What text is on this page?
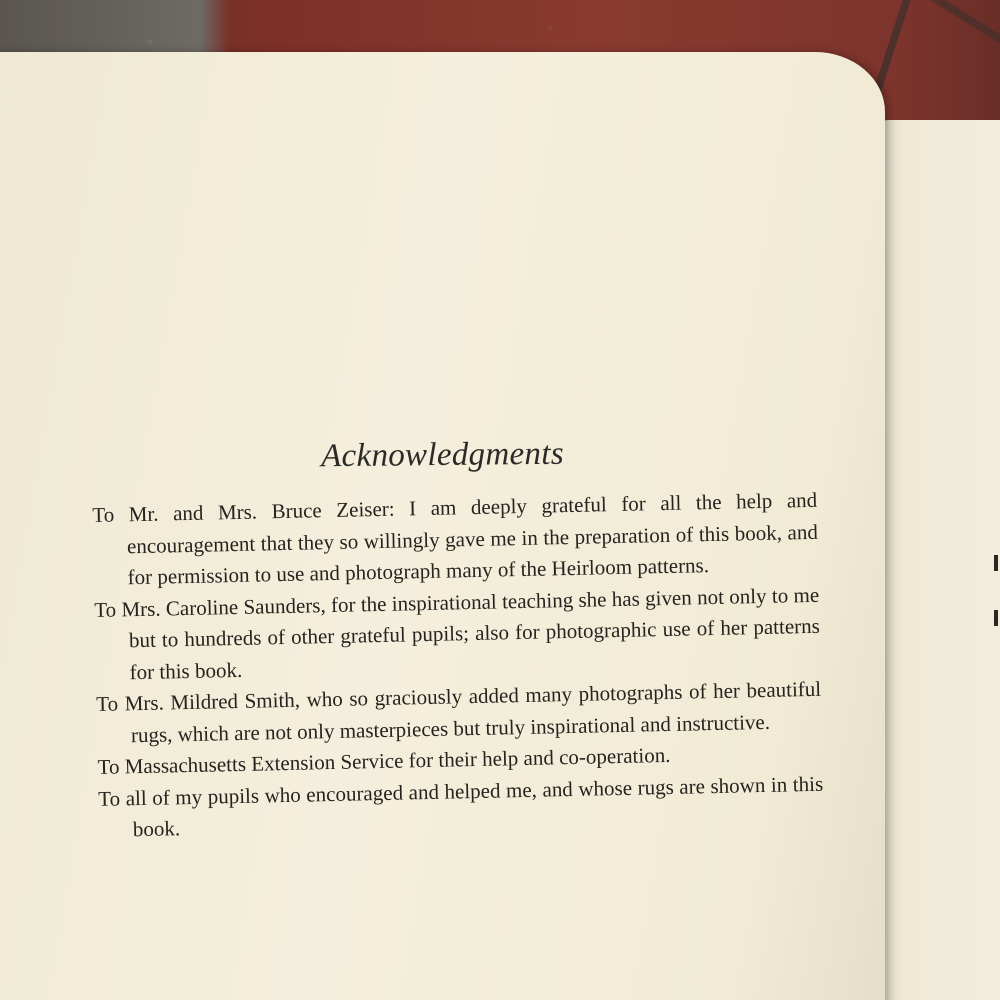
Acknowledgments

To Mr. and Mrs. Bruce Zeiser: I am deeply grateful for all the help and encouragement that they so willingly gave me in the preparation of this book, and for permission to use and photograph many of the Heirloom patterns.

To Mrs. Caroline Saunders, for the inspirational teaching she has given not only to me but to hundreds of other grateful pupils; also for photographic use of her patterns for this book.

To Mrs. Mildred Smith, who so graciously added many photographs of her beautiful rugs, which are not only masterpieces but truly inspirational and instructive.

To Massachusetts Extension Service for their help and co-operation.

To all of my pupils who encouraged and helped me, and whose rugs are shown in this book.
